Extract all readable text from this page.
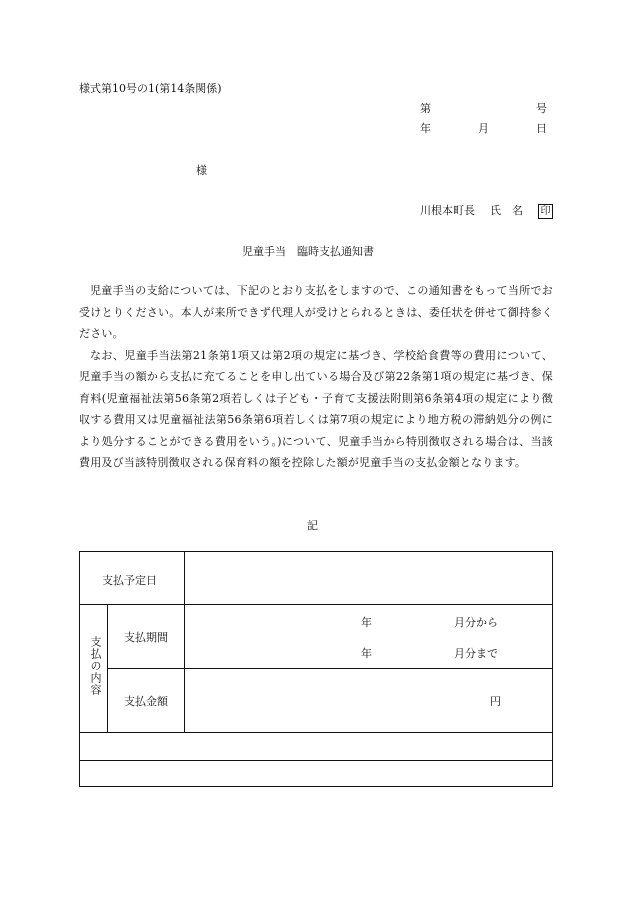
様式第10号の1(第14条関係)
第	号
年	月	日
様
川根本町長 氏　名 印
児童手当　臨時支払通知書

児童手当の支給については、下記のとおり支払をしますので、この通知書をもって当所でお受けとりください。本人が来所できず代理人が受けとられるときは、委任状を併せて御持参ください。

なお、児童手当法第21条第1項又は第2項の規定に基づき、学校給食費等の費用について、児童手当の額から支払に充てることを申し出ている場合及び第22条第1項の規定に基づき、保育料(児童福祉法第56条第2項若しくは子ども・子育て支援法附則第6条第4項の規定により徴収する費用又は児童福祉法第56条第6項若しくは第7項の規定により地方税の滞納処分の例により処分することができる費用をいう。)について、児童手当から特別徴収される場合は、当該費用及び当該特別徴収される保育料の額を控除した額が児童手当の支払金額となります。

記
支払予定日
支払の内容 支払期間
年	月分から
年	月分まで
支払金額	円
